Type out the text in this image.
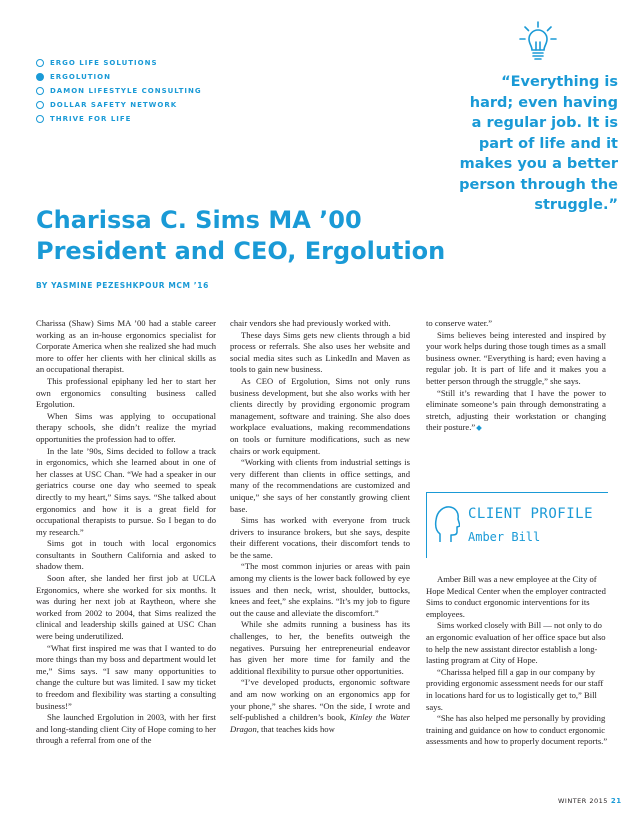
ERGO LIFE SOLUTIONS
ERGOLUTION
DAMON LIFESTYLE CONSULTING
DOLLAR SAFETY NETWORK
THRIVE FOR LIFE
“Everything is hard; even having a regular job. It is part of life and it makes you a better person through the struggle.”
Charissa C. Sims MA ’00
President and CEO, Ergolution
BY YASMINE PEZESHKPOUR MCM ’16

Charissa (Shaw) Sims MA ’00 had a stable career working as an in-house ergonomics specialist for Corporate America when she realized she had much more to offer her clients with her clinical skills as an occupational therapist.

This professional epiphany led her to start her own ergonomics consulting business called Ergolution.

When Sims was applying to occupational therapy schools, she didn’t realize the myriad opportunities the profession had to offer.

In the late ’90s, Sims decided to follow a track in ergonomics, which she learned about in one of her classes at USC Chan. “We had a speaker in our geriatrics course one day who seemed to speak directly to my heart,” Sims says. “She talked about ergonomics and how it is a great field for occupational therapists to pursue. So I began to do my research.”

Sims got in touch with local ergonomics consultants in Southern California and asked to shadow them.

Soon after, she landed her first job at UCLA Ergonomics, where she worked for six months. It was during her next job at Raytheon, where she worked from 2002 to 2004, that Sims realized the clinical and leadership skills gained at USC Chan were being underutilized.

“What first inspired me was that I wanted to do more things than my boss and department would let me,” Sims says. “I saw many opportunities to change the culture but was limited. I saw my ticket to freedom and flexibility was starting a consulting business!”

She launched Ergolution in 2003, with her first and long-standing client City of Hope coming to her through a referral from one of the

chair vendors she had previously worked with.

These days Sims gets new clients through a bid process or referrals. She also uses her website and social media sites such as LinkedIn and Maven as tools to gain new business.

As CEO of Ergolution, Sims not only runs business development, but she also works with her clients directly by providing ergonomic program management, software and training. She also does workplace evaluations, making recommendations on tools or furniture modifications, such as new chairs or work equipment.

“Working with clients from industrial settings is very different than clients in office settings, and many of the recommendations are customized and unique,” she says of her constantly growing client base.

Sims has worked with everyone from truck drivers to insurance brokers, but she says, despite their different vocations, their discomfort tends to be the same.

“The most common injuries or areas with pain among my clients is the lower back followed by eye issues and then neck, wrist, shoulder, buttocks, knees and feet,” she explains. “It’s my job to figure out the cause and alleviate the discomfort.”

While she admits running a business has its challenges, to her, the benefits outweigh the negatives. Pursuing her entrepreneurial endeavor has given her more time for family and the additional flexibility to pursue other opportunities.

“I’ve developed products, ergonomic software and am now working on an ergonomics app for your phone,” she shares. “On the side, I wrote and self-published a children’s book, Kinley the Water Dragon, that teaches kids how

to conserve water.”

Sims believes being interested and inspired by your work helps during those tough times as a small business owner. “Everything is hard; even having a regular job. It is part of life and it makes you a better person through the struggle,” she says.

“Still it’s rewarding that I have the power to eliminate someone’s pain through demonstrating a stretch, adjusting their workstation or changing their posture.”

CLIENT PROFILE
Amber Bill

Amber Bill was a new employee at the City of Hope Medical Center when the employer contracted Sims to conduct ergonomic interventions for its employees.

Sims worked closely with Bill — not only to do an ergonomic evaluation of her office space but also to help the new assistant director establish a long-lasting program at City of Hope.

“Charissa helped fill a gap in our company by providing ergonomic assessment needs for our staff in locations hard for us to logistically get to,” Bill says.

“She has also helped me personally by providing training and guidance on how to conduct ergonomic assessments and how to properly document reports.”

WINTER 2015 21
